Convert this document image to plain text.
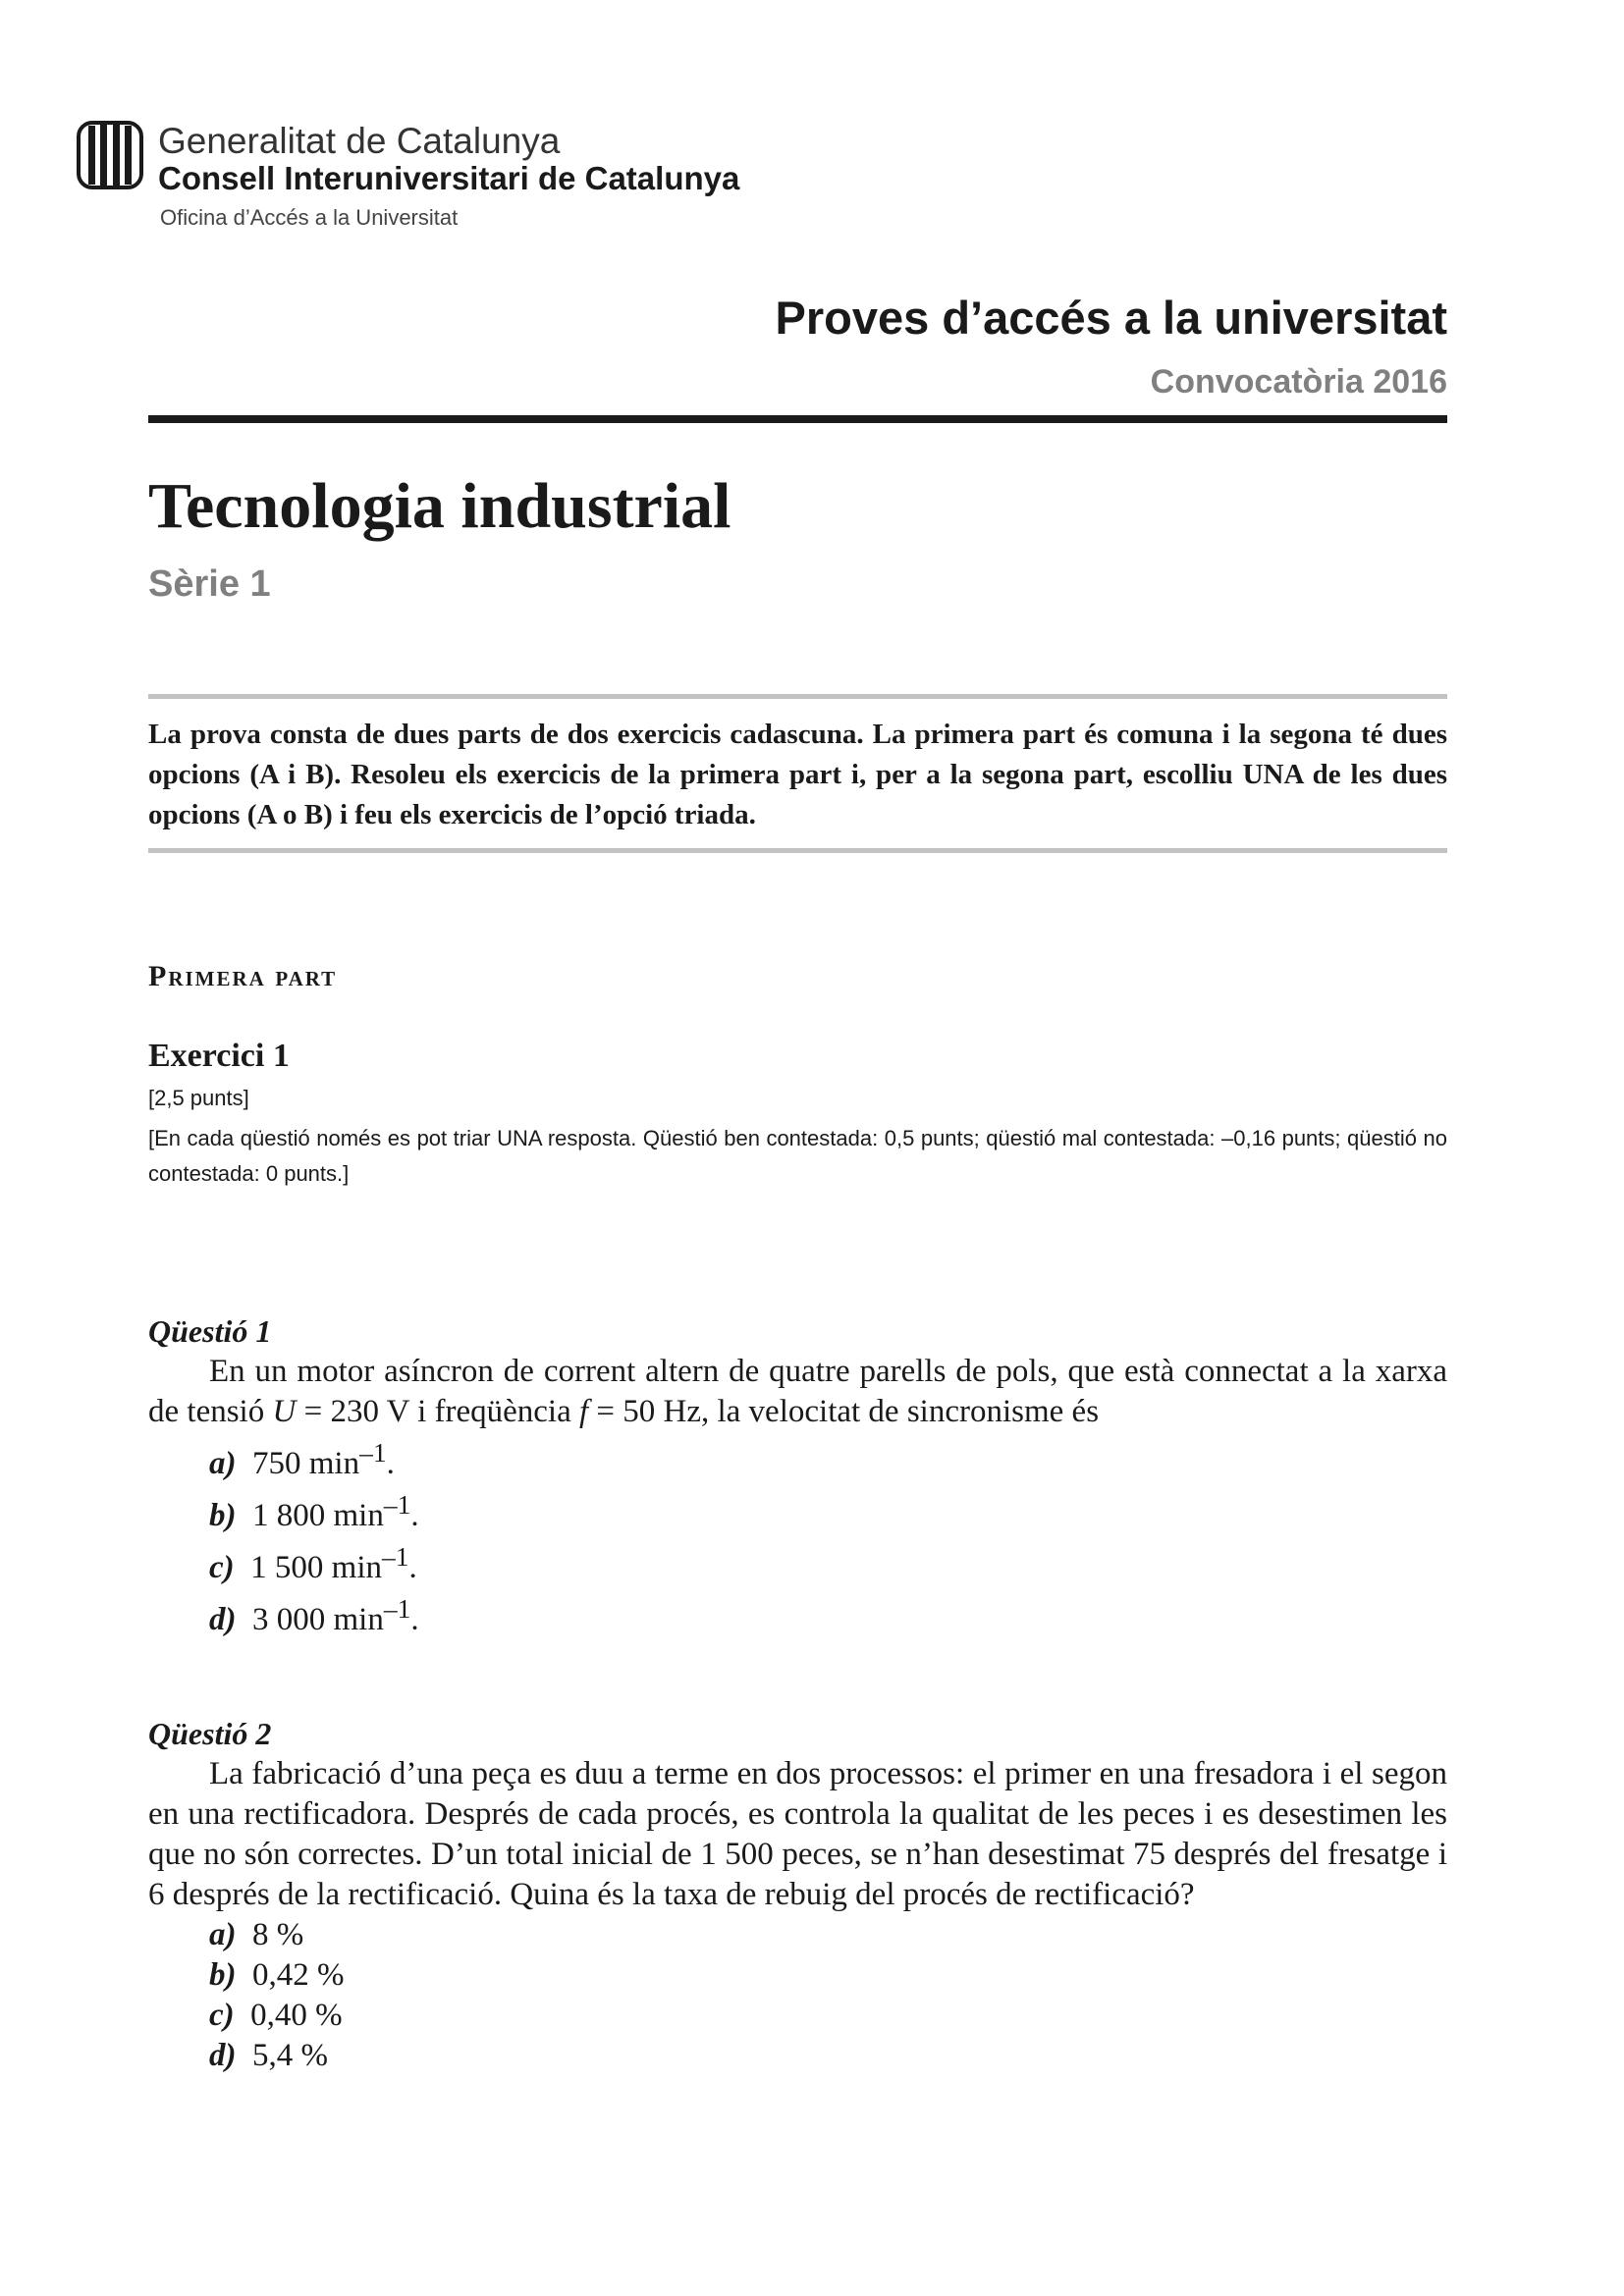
Generalitat de Catalunya
Consell Interuniversitari de Catalunya
Oficina d’Accés a la Universitat
Proves d’accés a la universitat
Convocatòria 2016
Tecnologia industrial
Sèrie 1
La prova consta de dues parts de dos exercicis cadascuna. La primera part és comuna i la segona té dues opcions (A i B). Resoleu els exercicis de la primera part i, per a la segona part, escolliu UNA de les dues opcions (A o B) i feu els exercicis de l’opció triada.
Primera part
Exercici 1
[2,5 punts]
[En cada qüestió només es pot triar UNA resposta. Qüestió ben contestada: 0,5 punts; qüestió mal contestada: –0,16 punts; qüestió no contestada: 0 punts.]
Qüestió 1
En un motor asíncron de corrent altern de quatre parells de pols, que està connectat a la xarxa de tensió U = 230 V i freqüència f = 50 Hz, la velocitat de sincronisme és
a) 750 $\min^{-1}$.
b) 1 800 $\min^{-1}$.
c) 1 500 $\min^{-1}$.
d) 3 000 $\min^{-1}$.
Qüestió 2
La fabricació d’una peça es duu a terme en dos processos: el primer en una fresadora i el segon en una rectificadora. Després de cada procés, es controla la qualitat de les peces i es desestimen les que no són correctes. D’un total inicial de 1 500 peces, se n’han desestimat 75 després del fresatge i 6 després de la rectificació. Quina és la taxa de rebuig del procés de rectificació?
a) 8 %
b) 0,42 %
c) 0,40 %
d) 5,4 %
